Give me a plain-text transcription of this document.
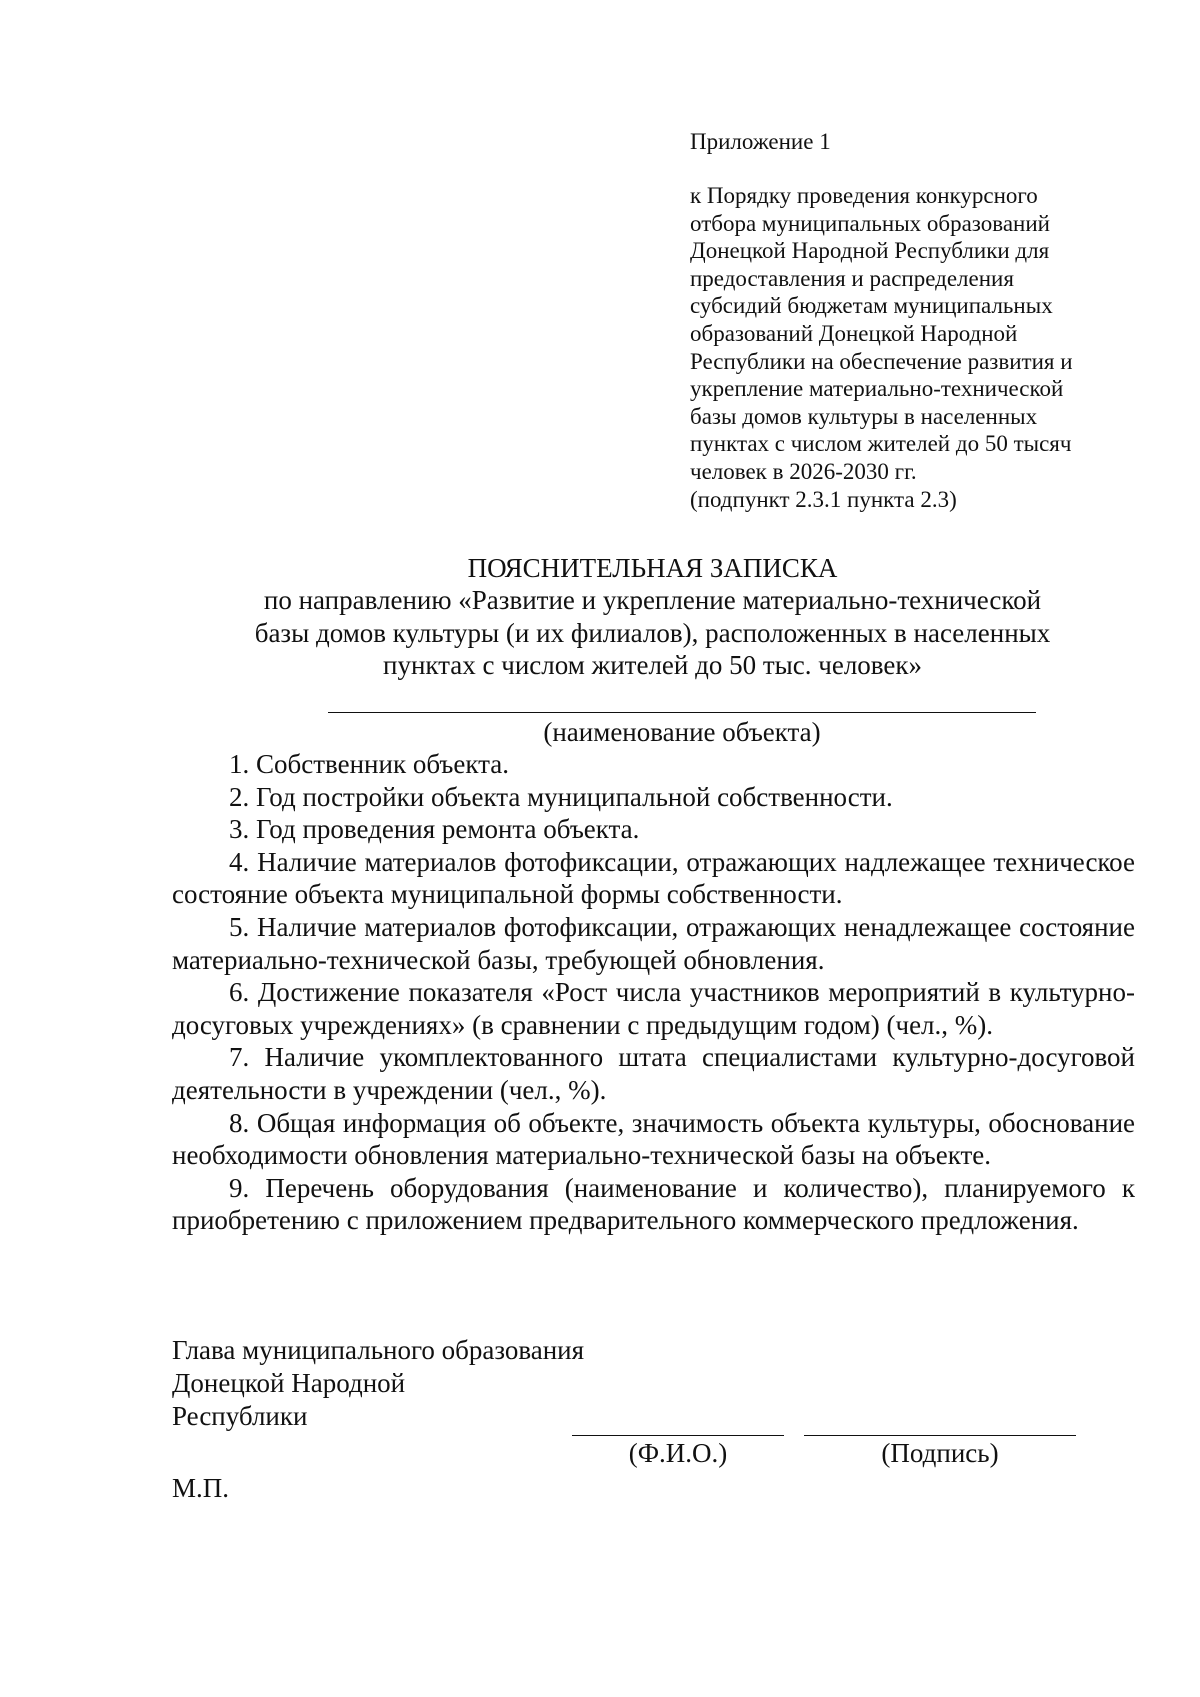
Приложение 1
к Порядку проведения конкурсного
отбора муниципальных образований
Донецкой Народной Республики для
предоставления и распределения
субсидий бюджетам муниципальных
образований Донецкой Народной
Республики на обеспечение развития и
укрепление материально-технической
базы домов культуры в населенных
пунктах с числом жителей до 50 тысяч
человек в 2026-2030 гг.
(подпункт 2.3.1 пункта 2.3)
ПОЯСНИТЕЛЬНАЯ ЗАПИСКА
по направлению «Развитие и укрепление материально-технической
базы домов культуры (и их филиалов), расположенных в населенных
пунктах с числом жителей до 50 тыс. человек»
(наименование объекта)
1. Собственник объекта.
2. Год постройки объекта муниципальной собственности.
3. Год проведения ремонта объекта.
4. Наличие материалов фотофиксации, отражающих надлежащее техническое состояние объекта муниципальной формы собственности.
5. Наличие материалов фотофиксации, отражающих ненадлежащее состояние материально-технической базы, требующей обновления.
6. Достижение показателя «Рост числа участников мероприятий в культурно-досуговых учреждениях» (в сравнении с предыдущим годом) (чел., %).
7. Наличие укомплектованного штата специалистами культурно-досуговой деятельности в учреждении (чел., %).
8. Общая информация об объекте, значимость объекта культуры, обоснование необходимости обновления материально-технической базы на объекте.
9. Перечень оборудования (наименование и количество), планируемого к приобретению с приложением предварительного коммерческого предложения.
Глава муниципального образования
Донецкой Народной
Республики
(Ф.И.О.)	(Подпись)
М.П.
